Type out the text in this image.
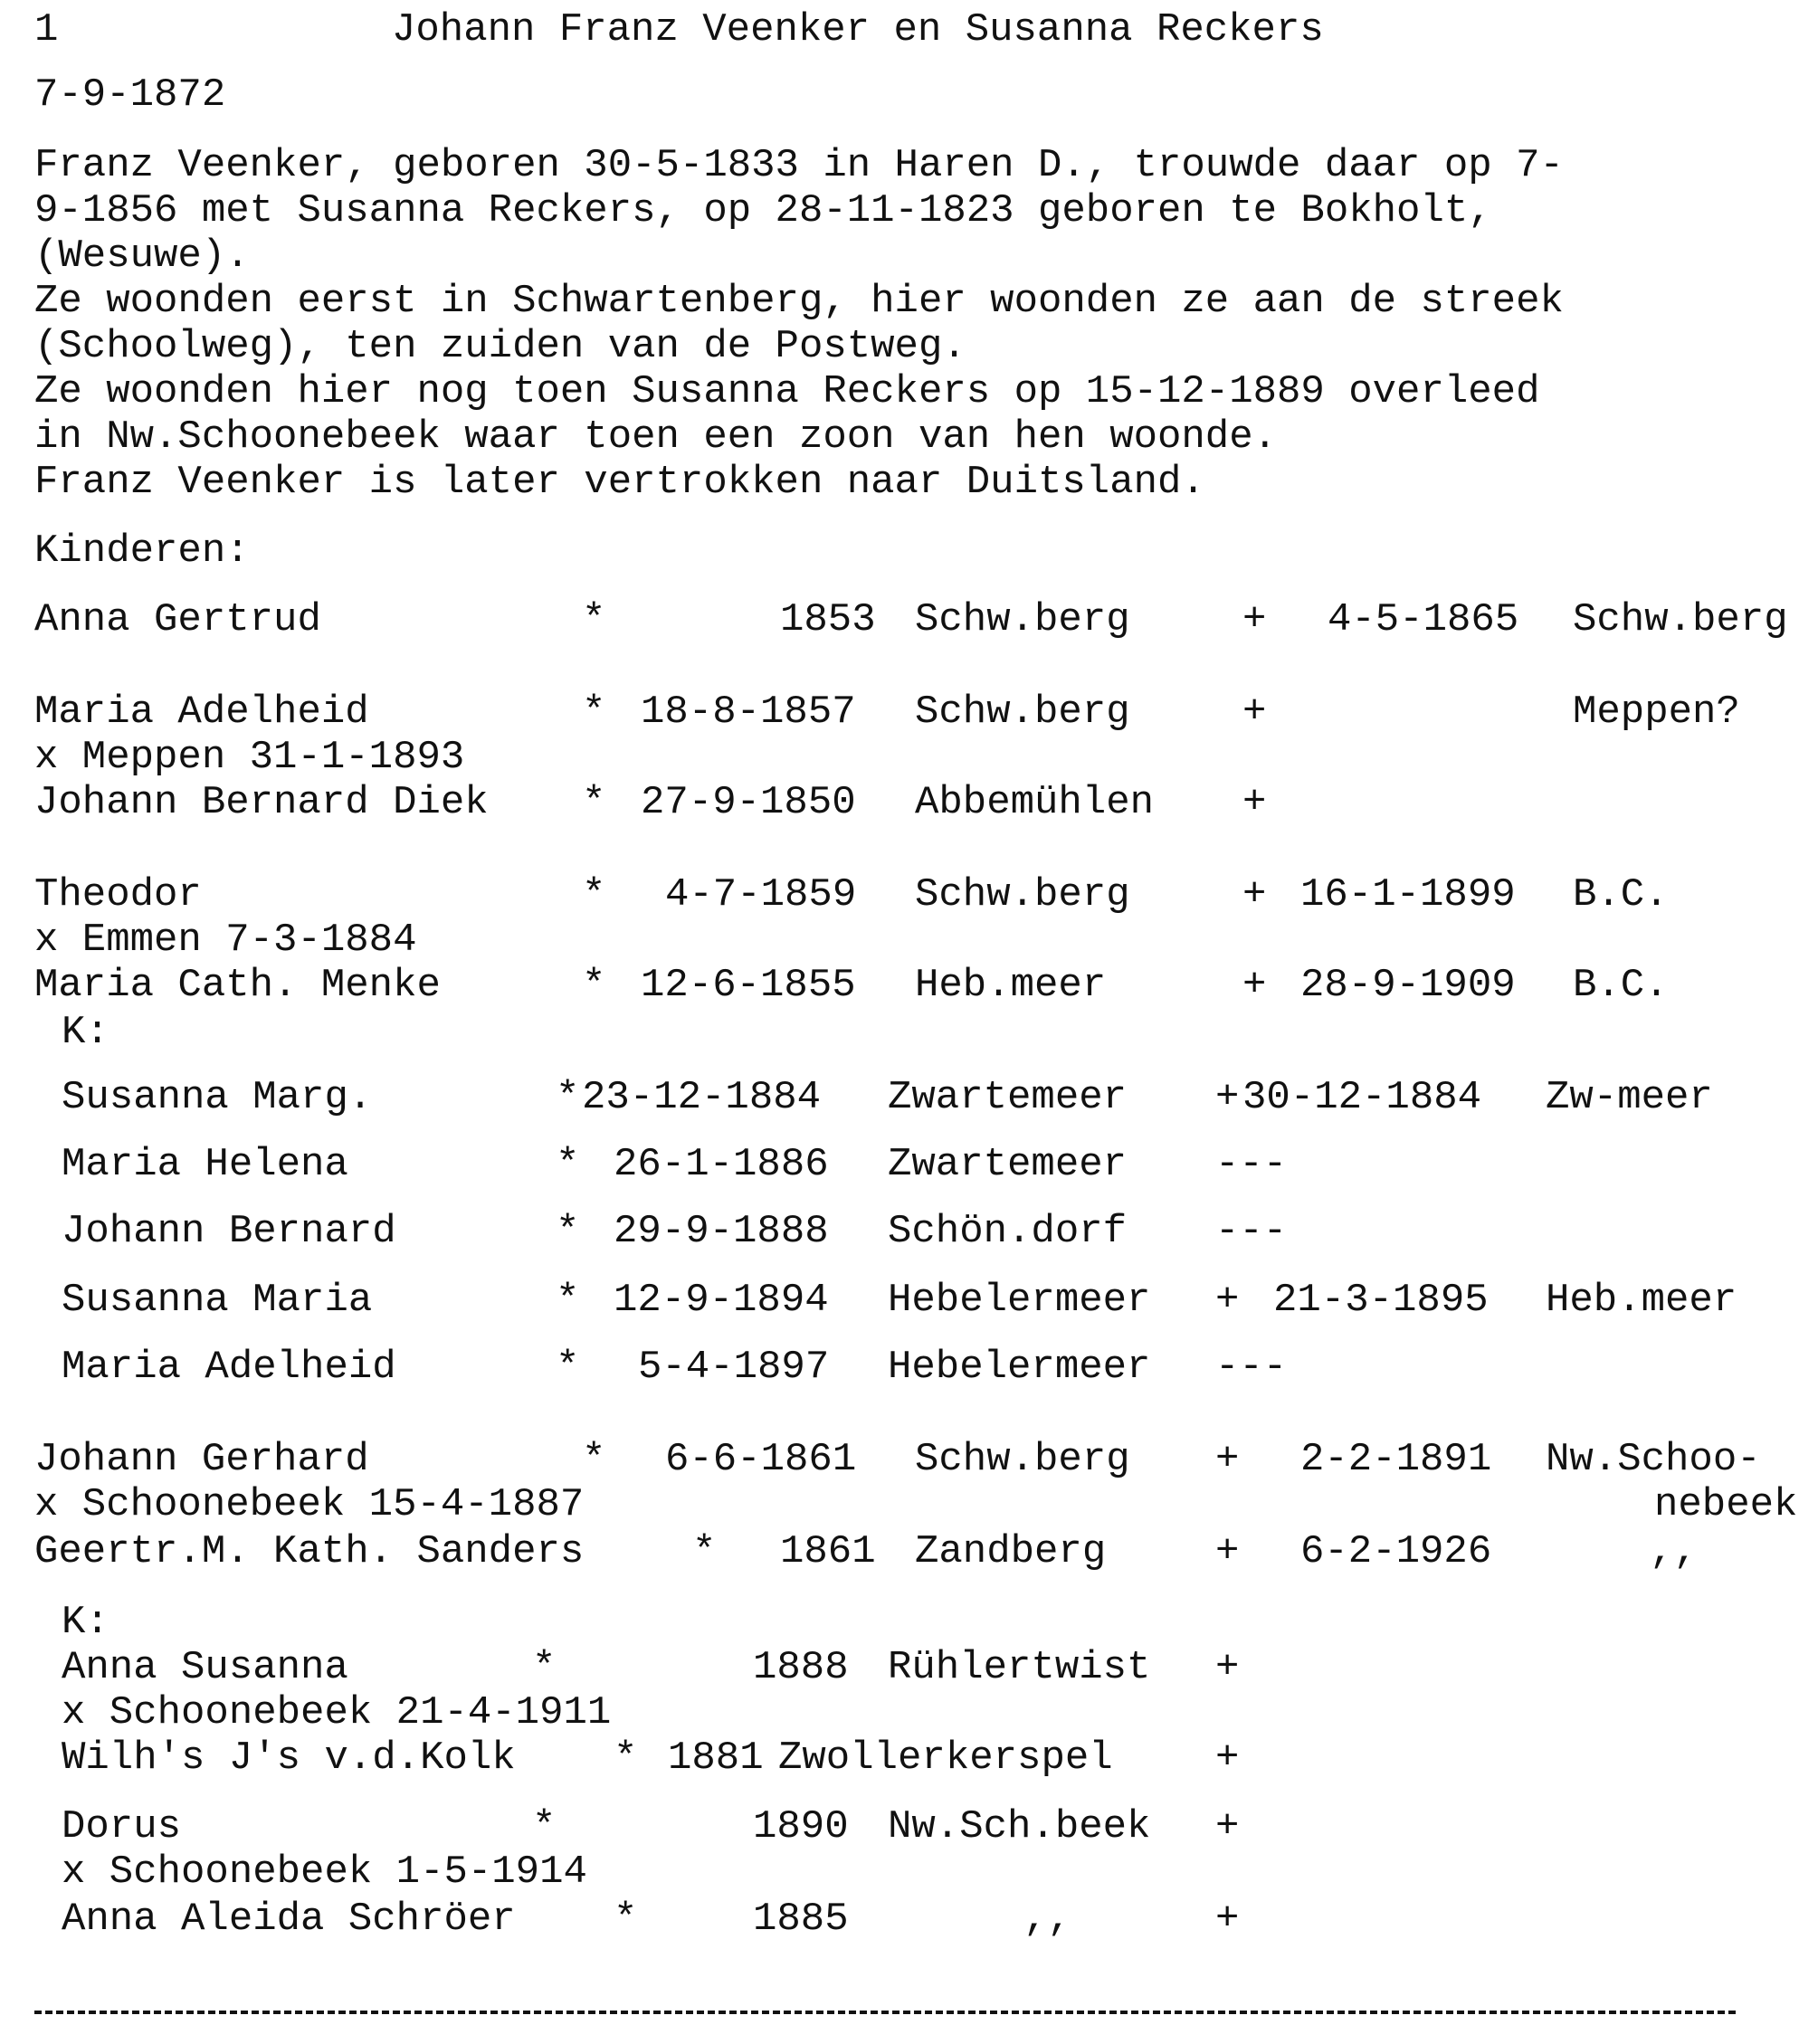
1	Johann Franz Veenker en Susanna Reckers
7-9-1872
Franz Veenker, geboren 30-5-1833 in Haren D., trouwde daar op 7-
9-1856 met Susanna Reckers, op 28-11-1823 geboren te Bokholt,
(Wesuwe).
Ze woonden eerst in Schwartenberg, hier woonden ze aan de streek
(Schoolweg), ten zuiden van de Postweg.
Ze woonden hier nog toen Susanna Reckers op 15-12-1889 overleed
in Nw.Schoonebeek waar toen een zoon van hen woonde.
Franz Veenker is later vertrokken naar Duitsland.
Kinderen:
Anna Gertrud	*	1853 Schw.berg	+ 4-5-1865 Schw.berg
Maria Adelheid	* 18-8-1857 Schw.berg	+	Meppen?
x Meppen 31-1-1893
Johann Bernard Diek * 27-9-1850 Abbemühlen +
Theodor	* 4-7-1859 Schw.berg	+ 16-1-1899 B.C.
x Emmen 7-3-1884
Maria Cath. Menke	* 12-6-1855 Heb.meer	+ 28-9-1909 B.C.
K:
Susanna Marg.	* 23-12-1884 Zwartemeer + 30-12-1884 Zw-meer
Maria Helena	* 26-1-1886 Zwartemeer ---
Johann Bernard	* 29-9-1888 Schön.dorf ---
Susanna Maria	* 12-9-1894 Hebelermeer + 21-3-1895 Heb.meer
Maria Adelheid	* 5-4-1897 Hebelermeer ---
Johann Gerhard	* 6-6-1861 Schw.berg + 2-2-1891 Nw.Schoo-
x Schoonebeek 15-4-1887	nebeek
Geertr.M. Kath. Sanders	* 1861 Zandberg	+ 6-2-1926	,,
K:
Anna Susanna	*	1888 Rühlertwist +
x Schoonebeek 21-4-1911
Wilh's J's v.d.Kolk * 1881 Zwollerkerspel	+
Dorus	*	1890 Nw.Sch.beek +
x Schoonebeek 1-5-1914
Anna Aleida Schröer *	1885	,,	+
